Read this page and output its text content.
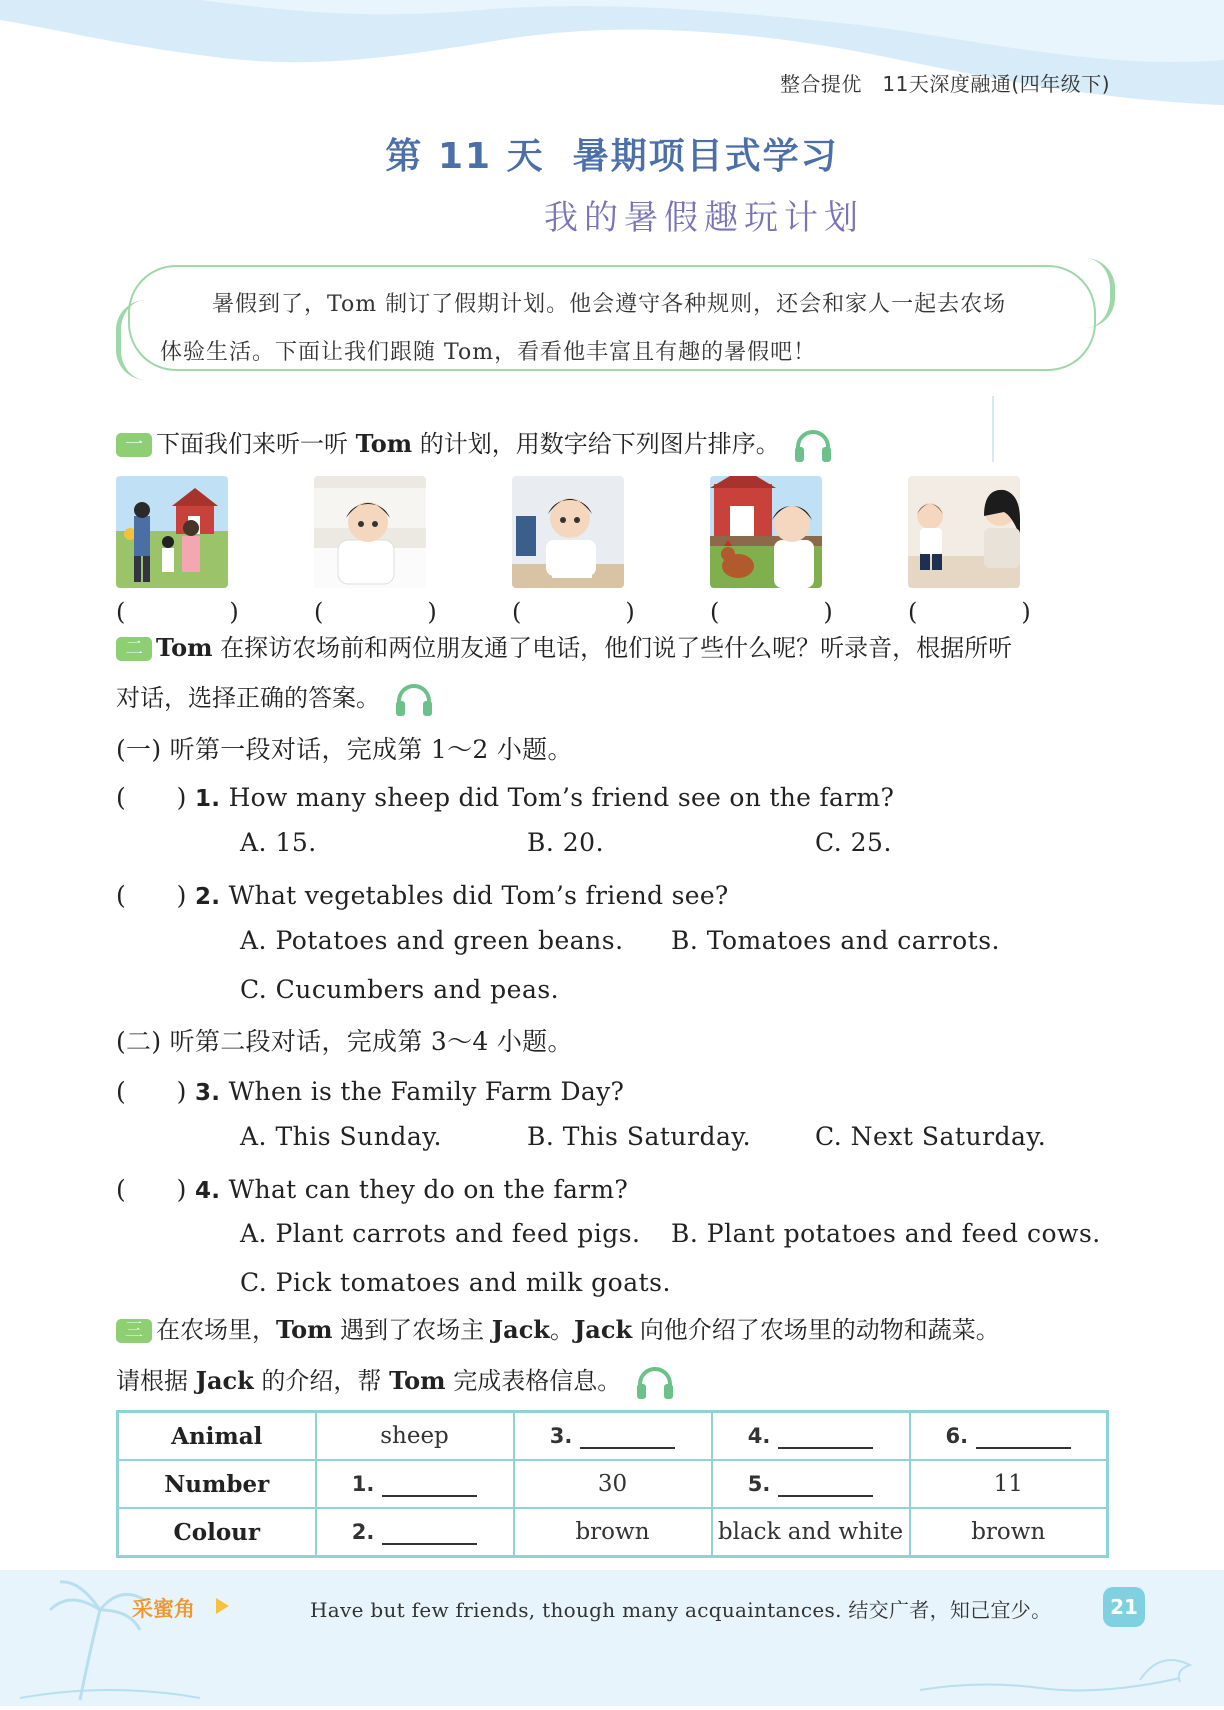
整合提优　11天深度融通(四年级下)
第 11 天 暑期项目式学习
我的暑假趣玩计划

暑假到了，Tom 制订了假期计划。他会遵守各种规则，还会和家人一起去农场

体验生活。下面让我们跟随 Tom，看看他丰富且有趣的暑假吧！
一 下面我们来听一听 Tom 的计划，用数字给下列图片排序。
(　) (　) (　) (　) (　)
二 Tom 在探访农场前和两位朋友通了电话，他们说了些什么呢？听录音，根据所听
对话，选择正确的答案。
(一) 听第一段对话，完成第 1～2 小题。
(　　) 1. How many sheep did Tom’s friend see on the farm?
A. 15.	B. 20.	C. 25.
(　　) 2. What vegetables did Tom’s friend see?
A. Potatoes and green beans. B. Tomatoes and carrots.
C. Cucumbers and peas.
(二) 听第二段对话，完成第 3～4 小题。
(　　) 3. When is the Family Farm Day?
A. This Sunday.	B. This Saturday.	C. Next Saturday.
(　　) 4. What can they do on the farm?
A. Plant carrots and feed pigs. B. Plant potatoes and feed cows.
C. Pick tomatoes and milk goats.
三 在农场里，Tom 遇到了农场主 Jack。Jack 向他介绍了农场里的动物和蔬菜。
请根据 Jack 的介绍，帮 Tom 完成表格信息。
Animal	sheep	3.	4.	6.
Number	1.	30	5.	11
Colour	2.	brown	black and white	brown
采蜜角	Have but few friends, though many acquaintances. 结交广者，知己宜少。	21
